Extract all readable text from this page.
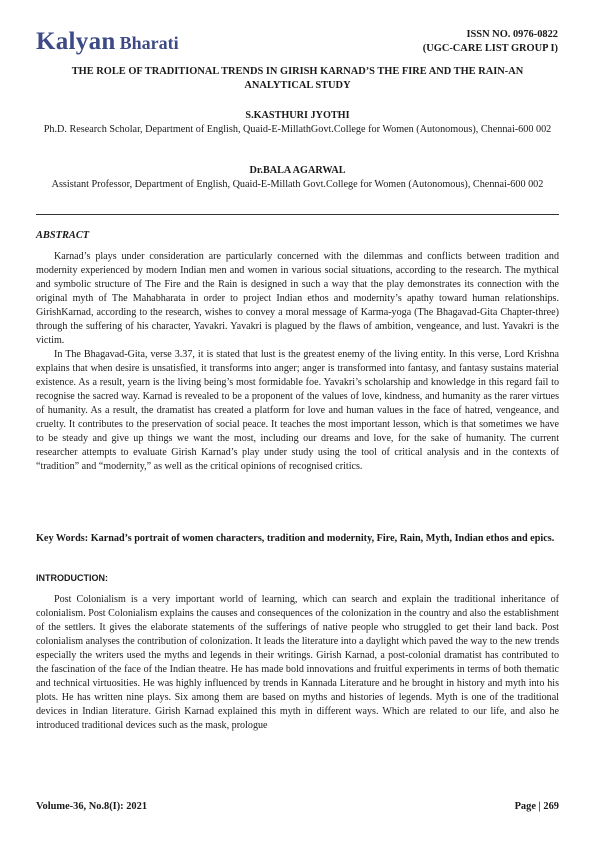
Kalyan Bharati	ISSN NO. 0976-0822
(UGC-CARE LIST GROUP I)
THE ROLE OF TRADITIONAL TRENDS IN GIRISH KARNAD’S THE FIRE AND THE RAIN-AN ANALYTICAL STUDY
S.KASTHURI JYOTHI
Ph.D. Research Scholar, Department of English, Quaid-E-MillathGovt.College for Women (Autonomous), Chennai-600 002
Dr.BALA AGARWAL
Assistant Professor, Department of English, Quaid-E-Millath Govt.College for Women (Autonomous), Chennai-600 002
ABSTRACT

Karnad’s plays under consideration are particularly concerned with the dilemmas and conflicts between tradition and modernity experienced by modern Indian men and women in various social situations, according to the research. The mythical and symbolic structure of The Fire and the Rain is designed in such a way that the play demonstrates its connection with the original myth of The Mahabharata in order to project Indian ethos and modernity’s apathy toward human relationships. GirishKarnad, according to the research, wishes to convey a moral message of Karma-yoga (The Bhagavad-Gita Chapter-three) through the suffering of his character, Yavakri. Yavakri is plagued by the flaws of ambition, vengeance, and lust. Yavakri is the victim.

In The Bhagavad-Gita, verse 3.37, it is stated that lust is the greatest enemy of the living entity. In this verse, Lord Krishna explains that when desire is unsatisfied, it transforms into anger; anger is transformed into fantasy, and fantasy sustains material existence. As a result, yearn is the living being’s most formidable foe. Yavakri’s scholarship and knowledge in this regard fail to recognise the sacred way. Karnad is revealed to be a proponent of the values of love, kindness, and humanity as the rarer virtues of humanity. As a result, the dramatist has created a platform for love and human values in the face of hatred, vengeance, and cruelty. It contributes to the preservation of social peace. It teaches the most important lesson, which is that sometimes we have to be steady and give up things we want the most, including our dreams and love, for the sake of humanity. The current researcher attempts to evaluate Girish Karnad’s play under study using the tool of critical analysis and in the contexts of “tradition” and “modernity,” as well as the critical opinions of recognised critics.

Key Words: Karnad’s portrait of women characters, tradition and modernity, Fire, Rain, Myth, Indian ethos and epics.

INTRODUCTION:

Post Colonialism is a very important world of learning, which can search and explain the traditional inheritance of colonialism. Post Colonialism explains the causes and consequences of the colonization in the country and also the establishment of the settlers. It gives the elaborate statements of the sufferings of native people who struggled to get their land back. Post colonialism analyses the contribution of colonization. It leads the literature into a daylight which paved the way to the new trends especially the writers used the myths and legends in their writings. Girish Karnad, a post-colonial dramatist has contributed to the fascination of the face of the Indian theatre. He has made bold innovations and fruitful experiments in terms of both thematic and technical virtuosities. He was highly influenced by trends in Kannada Literature and he brought in history and myth into his plots. He has written nine plays. Six among them are based on myths and histories of legends. Myth is one of the traditional devices in Indian literature. Girish Karnad explained this myth in different ways. Which are related to our life, and also he introduced traditional devices such as the mask, prologue

Volume-36, No.8(I): 2021	Page | 269
